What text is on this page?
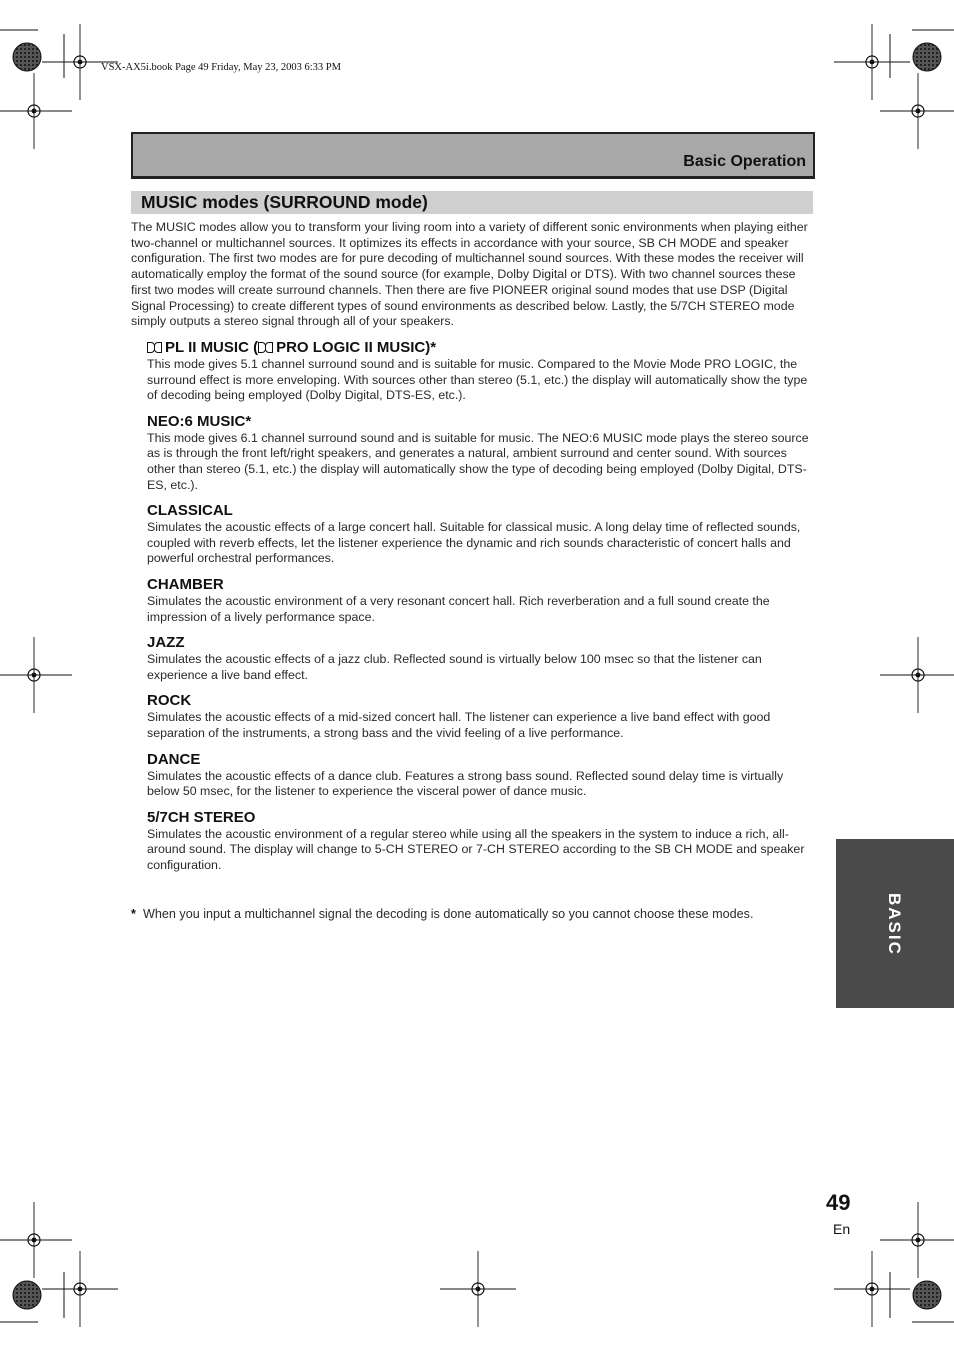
VSX-AX5i.book Page 49 Friday, May 23, 2003 6:33 PM
Basic Operation
MUSIC modes (SURROUND mode)

The MUSIC modes allow you to transform your living room into a variety of different sonic environments when playing either two-channel or multichannel sources. It optimizes its effects in accordance with your source, SB CH MODE and speaker configuration. The first two modes are for pure decoding of multichannel sound sources. With these modes the receiver will automatically employ the format of the sound source (for example, Dolby Digital or DTS). With two channel sources these first two modes will create surround channels. Then there are five PIONEER original sound modes that use DSP (Digital Signal Processing) to create different types of sound environments as described below. Lastly, the 5/7CH STEREO mode simply outputs a stereo signal through all of your speakers.

PL II MUSIC ( PRO LOGIC II MUSIC)*

This mode gives 5.1 channel surround sound and is suitable for music. Compared to the Movie Mode PRO LOGIC, the surround effect is more enveloping. With sources other than stereo (5.1, etc.) the display will automatically show the type of decoding being employed (Dolby Digital, DTS-ES, etc.).

NEO:6 MUSIC*

This mode gives 6.1 channel surround sound and is suitable for music. The NEO:6 MUSIC mode plays the stereo source as is through the front left/right speakers, and generates a natural, ambient surround and center sound. With sources other than stereo (5.1, etc.) the display will automatically show the type of decoding being employed (Dolby Digital, DTS-ES, etc.).

CLASSICAL

Simulates the acoustic effects of a large concert hall. Suitable for classical music. A long delay time of reflected sounds, coupled with reverb effects, let the listener experience the dynamic and rich sounds characteristic of concert halls and powerful orchestral performances.

CHAMBER

Simulates the acoustic environment of a very resonant concert hall. Rich reverberation and a full sound create the impression of a lively performance space.

JAZZ

Simulates the acoustic effects of a jazz club. Reflected sound is virtually below 100 msec so that the listener can experience a live band effect.

ROCK

Simulates the acoustic effects of a mid-sized concert hall. The listener can experience a live band effect with good separation of the instruments, a strong bass and the vivid feeling of a live performance.

DANCE

Simulates the acoustic effects of a dance club. Features a strong bass sound. Reflected sound delay time is virtually below 50 msec, for the listener to experience the visceral power of dance music.

5/7CH STEREO

Simulates the acoustic environment of a regular stereo while using all the speakers in the system to induce a rich, all-around sound. The display will change to 5-CH STEREO or 7-CH STEREO according to the SB CH MODE and speaker configuration.

* When you input a multichannel signal the decoding is done automatically so you cannot choose these modes.	BASIC
49
En
